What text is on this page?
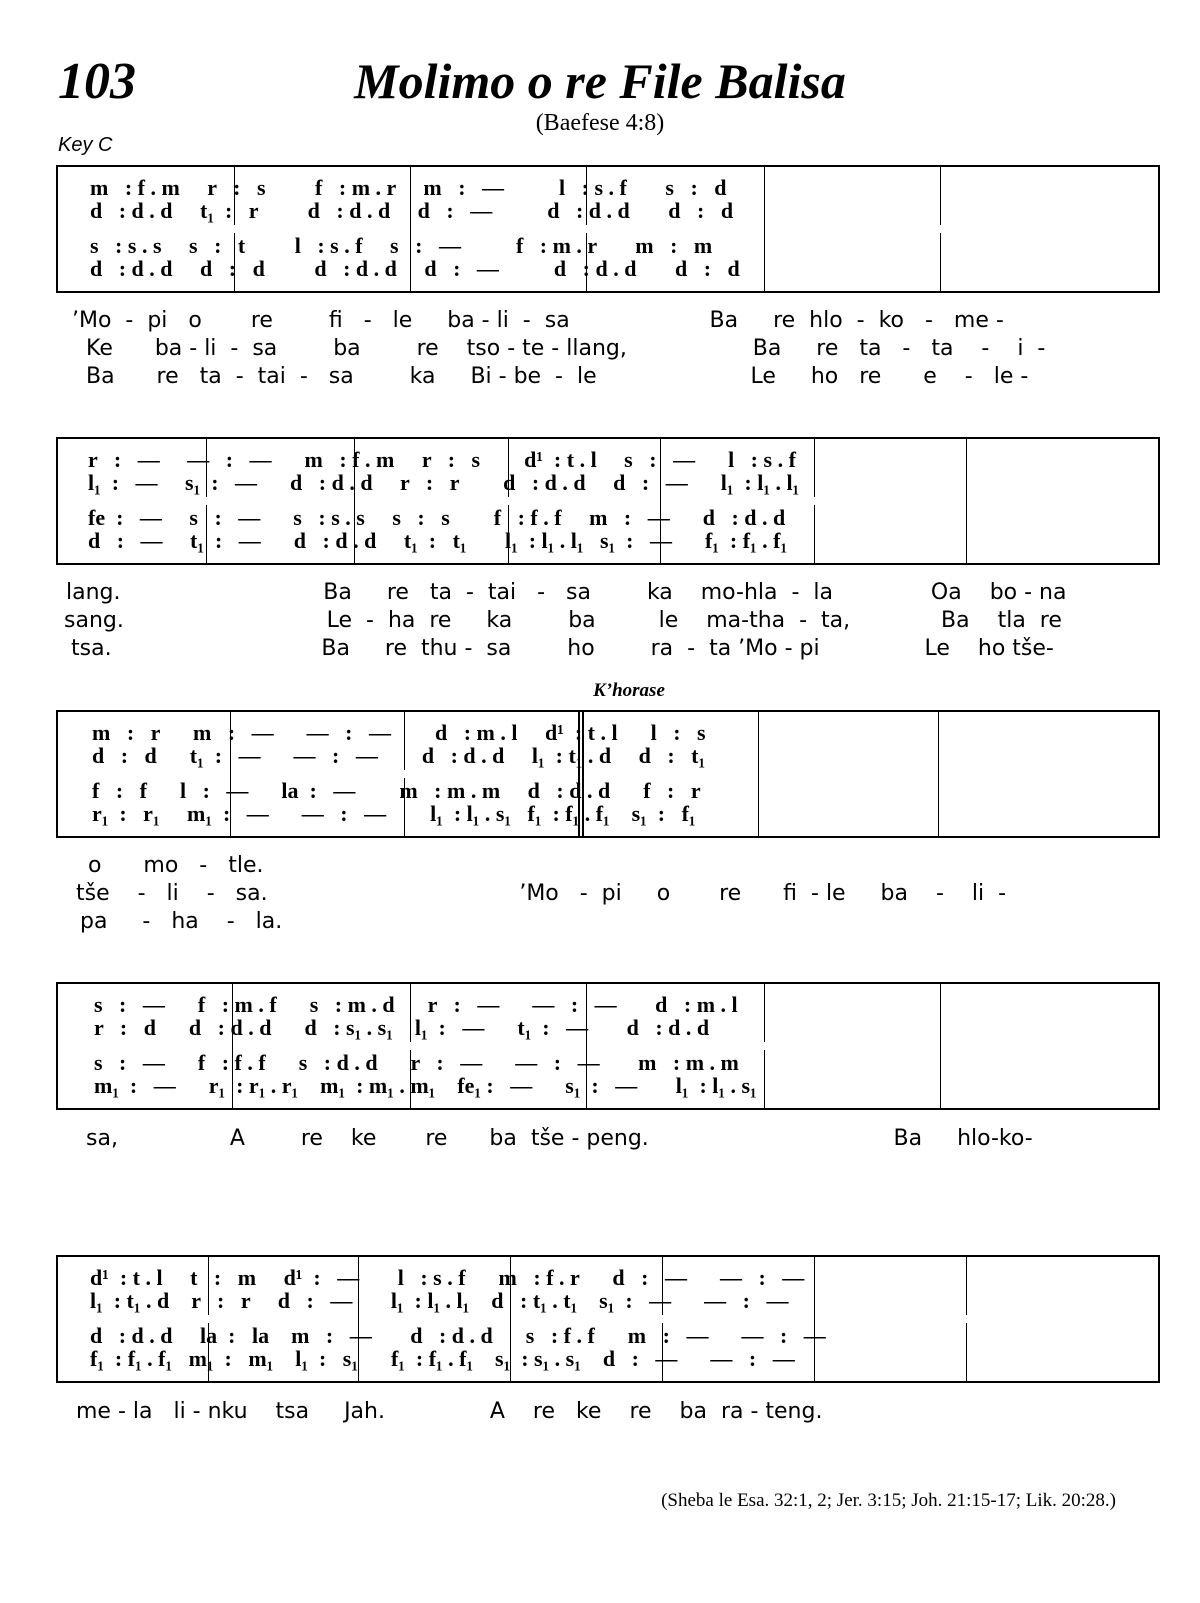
103	Molimo o re File Balisa
(Baefese 4:8)
Key C
m   : f . m     r   :   s         f   : m . r     m   :   —          l   : s . f       s   :   d
d   : d . d     t₁  :   r         d   : d . d     d   :   —          d   : d . d       d   :   d
s   : s . s     s   :   t         l   : s . f     s   :   —          f   : m . r       m   :   m
d   : d . d     d   :   d         d   : d . d     d   :   —          d   : d . d       d   :   d
’Mo  -  pi   o       re        fi   -   le     ba - li  -  sa                    Ba     re  hlo  -  ko   -   me -
Ke      ba - li  -  sa        ba        re    tso - te - llang,                  Ba     re   ta   -   ta    -    i  -
Ba      re   ta  -  tai  -   sa        ka     Bi - be  -  le                      Le     ho   re      e    -   le -
r   :   —     —   :   —      m   : f . m     r   :   s        d¹  : t . l     s   :   —      l   : s . f
l₁  :   —     s₁  :   —      d   : d . d     r   :   r        d   : d . d     d   :   —      l₁  : l₁ . l₁
fe  :   —     s   :   —      s   : s . s     s   :   s        f   : f . f     m   :   —      d   : d . d
d   :   —     t₁  :   —      d   : d . d     t₁  :   t₁       l₁  : l₁ . l₁   s₁  :   —      f₁  : f₁ . f₁
lang.                             Ba     re   ta  -  tai   -   sa        ka    mo-hla  -  la              Oa    bo - na
sang.                             Le  -  ha  re     ka        ba         le    ma-tha  -  ta,             Ba    tla  re
tsa.                              Ba     re  thu -  sa        ho        ra  -  ta ’Mo - pi               Le    ho tše-
K’horase
m   :   r      m   :   —      —   :   —        d   : m . l     d¹  : t . l      l   :   s
d   :   d      t₁  :   —      —   :   —        d   : d . d     l₁  : t₁ . d     d   :   t₁
f   :   f      l   :   —      la  :   —        m   : m . m     d   : d . d      f   :   r
r₁  :   r₁     m₁  :   —      —   :   —        l₁  : l₁ . s₁   f₁  : f₁ . f₁    s₁  :   f₁
o      mo   -   tle.
tše    -   li    -   sa.                                    ’Mo   -  pi     o       re      fi  - le     ba    -    li  -
pa     -   ha    -   la.
s   :   —      f   : m . f      s   : m . d      r   :   —      —   :   —       d   : m . l
r   :   d      d   : d . d      d   : s₁ . s₁    l₁  :   —      t₁  :   —       d   : d . d
s   :   —      f   : f . f      s   : d . d      r   :   —      —   :   —       m   : m . m
m₁  :   —      r₁  : r₁ . r₁    m₁  : m₁ . m₁    fe₁ :   —      s₁  :   —       l₁  : l₁ . s₁
sa,                A        re    ke       re      ba  tše - peng.                                   Ba     hlo-ko-
d¹  : t . l     t   :   m     d¹  :   —       l   : s . f      m   : f . r      d   :   —      —   :   —
l₁  : t₁ . d    r   :   r     d   :   —       l₁  : l₁ . l₁    d   : t₁ . t₁    s₁  :   —      —   :   —
d   : d . d     la  :   la    m   :   —       d   : d . d      s   : f . f      m   :   —      —   :   —
f₁  : f₁ . f₁   m₁  :   m₁    l₁  :   s₁      f₁  : f₁ . f₁    s₁  : s₁ . s₁    d   :   —      —   :   —
me - la   li - nku    tsa     Jah.               A    re   ke    re    ba  ra - teng.
(Sheba le Esa. 32:1, 2; Jer. 3:15; Joh. 21:15-17; Lik. 20:28.)
